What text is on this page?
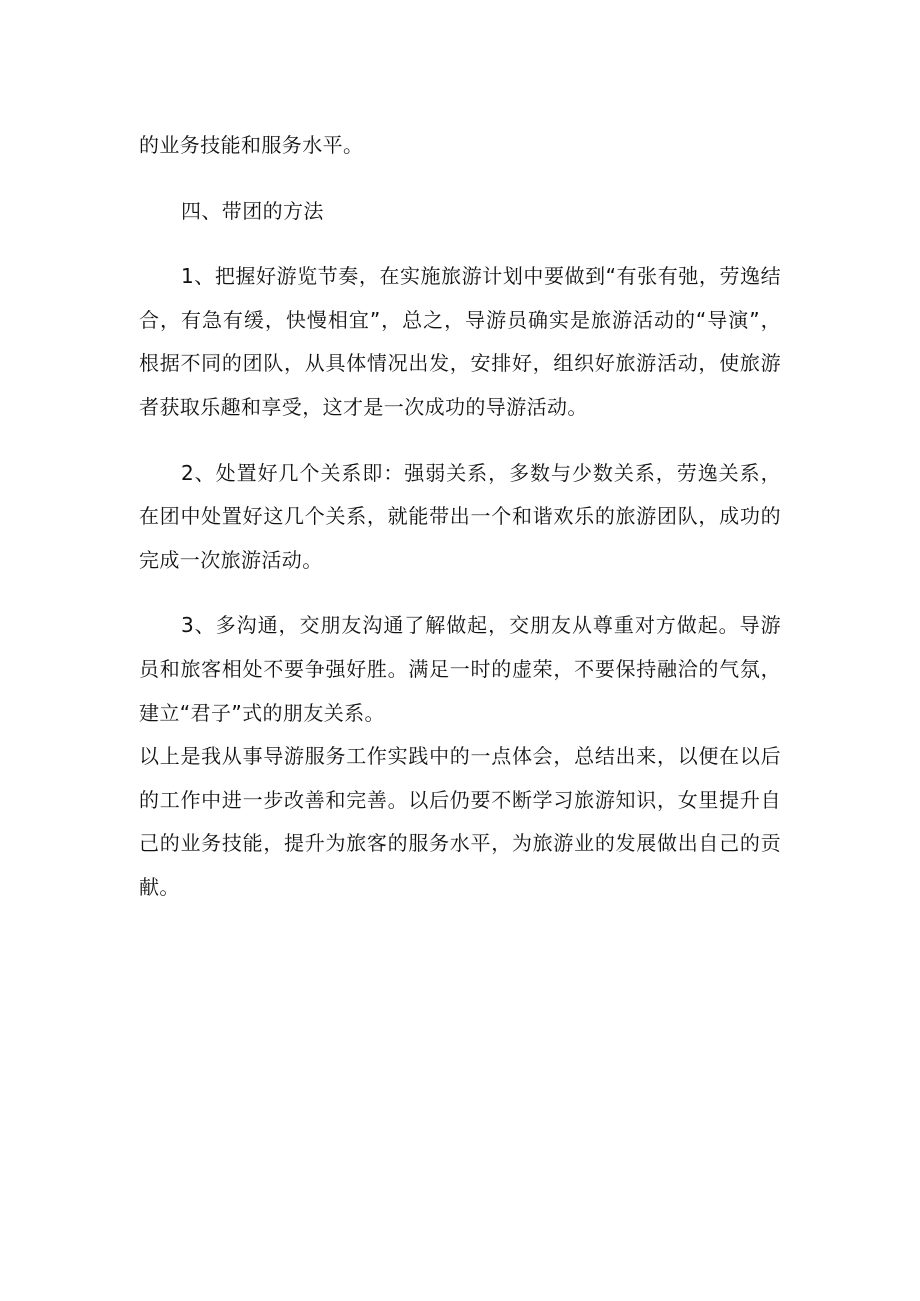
的业务技能和服务水平。

四、带团的方法

1、把握好游览节奏，在实施旅游计划中要做到“有张有弛，劳逸结合，有急有缓，快慢相宜”，总之，导游员确实是旅游活动的“导演”，根据不同的团队，从具体情况出发，安排好，组织好旅游活动，使旅游者获取乐趣和享受，这才是一次成功的导游活动。

2、处置好几个关系即：强弱关系，多数与少数关系，劳逸关系，在团中处置好这几个关系，就能带出一个和谐欢乐的旅游团队，成功的完成一次旅游活动。

3、多沟通，交朋友沟通了解做起，交朋友从尊重对方做起。导游员和旅客相处不要争强好胜。满足一时的虚荣，不要保持融洽的气氛，建立“君子”式的朋友关系。

以上是我从事导游服务工作实践中的一点体会，总结出来，以便在以后的工作中进一步改善和完善。以后仍要不断学习旅游知识，女里提升自己的业务技能，提升为旅客的服务水平，为旅游业的发展做出自己的贡献。
